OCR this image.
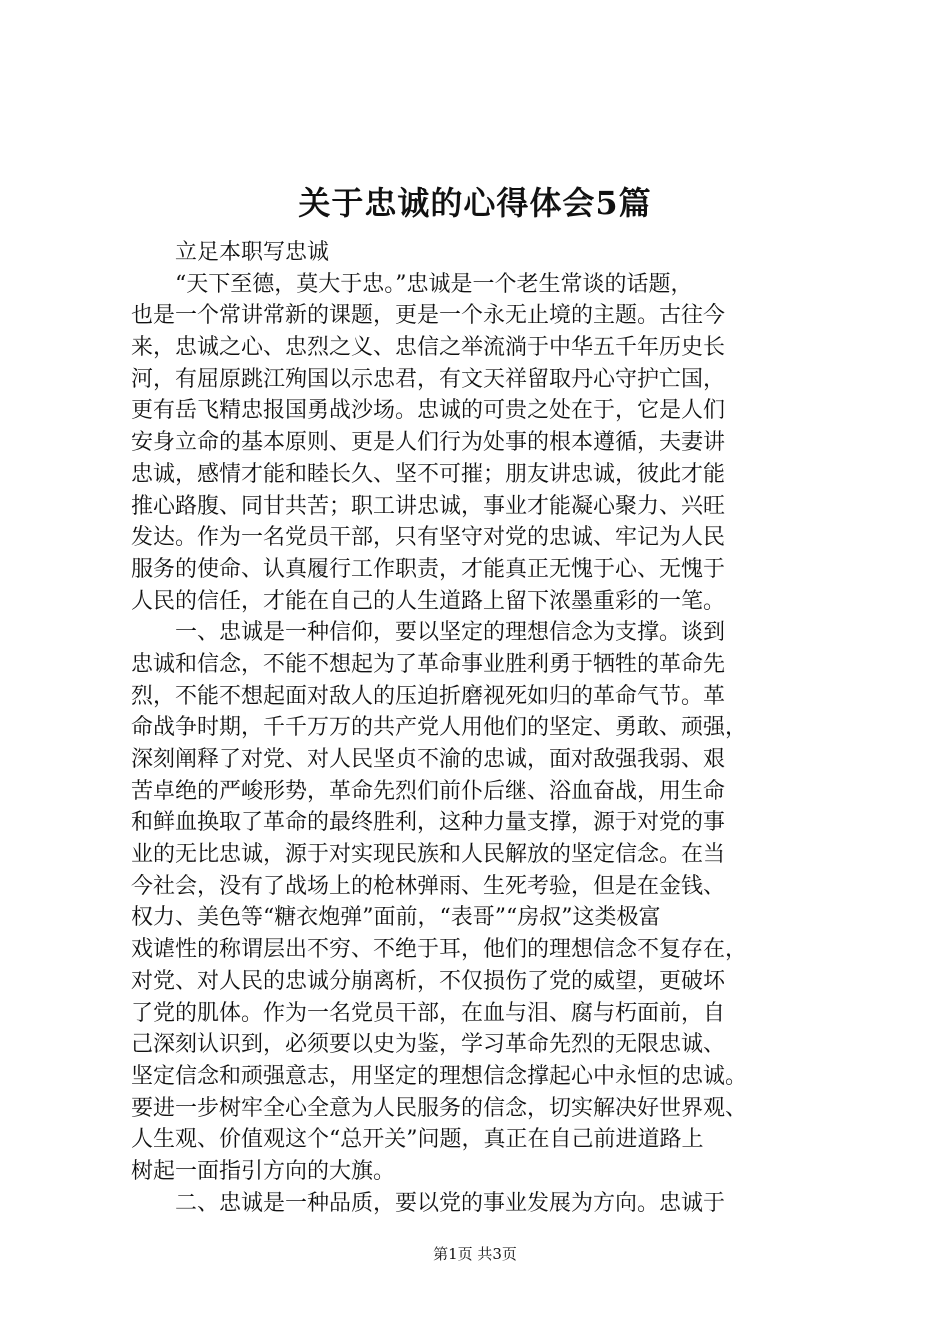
关于忠诚的心得体会5篇
立足本职写忠诚
“天下至德，莫大于忠。”忠诚是一个老生常谈的话题，
也是一个常讲常新的课题，更是一个永无止境的主题。古往今
来，忠诚之心、忠烈之义、忠信之举流淌于中华五千年历史长
河，有屈原跳江殉国以示忠君，有文天祥留取丹心守护亡国，
更有岳飞精忠报国勇战沙场。忠诚的可贵之处在于，它是人们
安身立命的基本原则、更是人们行为处事的根本遵循，夫妻讲
忠诚，感情才能和睦长久、坚不可摧；朋友讲忠诚，彼此才能
推心路腹、同甘共苦；职工讲忠诚，事业才能凝心聚力、兴旺
发达。作为一名党员干部，只有坚守对党的忠诚、牢记为人民
服务的使命、认真履行工作职责，才能真正无愧于心、无愧于
人民的信任，才能在自己的人生道路上留下浓墨重彩的一笔。
一、忠诚是一种信仰，要以坚定的理想信念为支撑。谈到
忠诚和信念，不能不想起为了革命事业胜利勇于牺牲的革命先
烈，不能不想起面对敌人的压迫折磨视死如归的革命气节。革
命战争时期，千千万万的共产党人用他们的坚定、勇敢、顽强，
深刻阐释了对党、对人民坚贞不渝的忠诚，面对敌强我弱、艰
苦卓绝的严峻形势，革命先烈们前仆后继、浴血奋战，用生命
和鲜血换取了革命的最终胜利，这种力量支撑，源于对党的事
业的无比忠诚，源于对实现民族和人民解放的坚定信念。在当
今社会，没有了战场上的枪林弹雨、生死考验，但是在金钱、
权力、美色等“糖衣炮弹”面前，“表哥”“房叔”这类极富
戏谑性的称谓层出不穷、不绝于耳，他们的理想信念不复存在，
对党、对人民的忠诚分崩离析，不仅损伤了党的威望，更破坏
了党的肌体。作为一名党员干部，在血与泪、腐与朽面前，自
己深刻认识到，必须要以史为鉴，学习革命先烈的无限忠诚、
坚定信念和顽强意志，用坚定的理想信念撑起心中永恒的忠诚。
要进一步树牢全心全意为人民服务的信念，切实解决好世界观、
人生观、价值观这个“总开关”问题，真正在自己前进道路上
树起一面指引方向的大旗。
二、忠诚是一种品质，要以党的事业发展为方向。忠诚于
第1页 共3页
